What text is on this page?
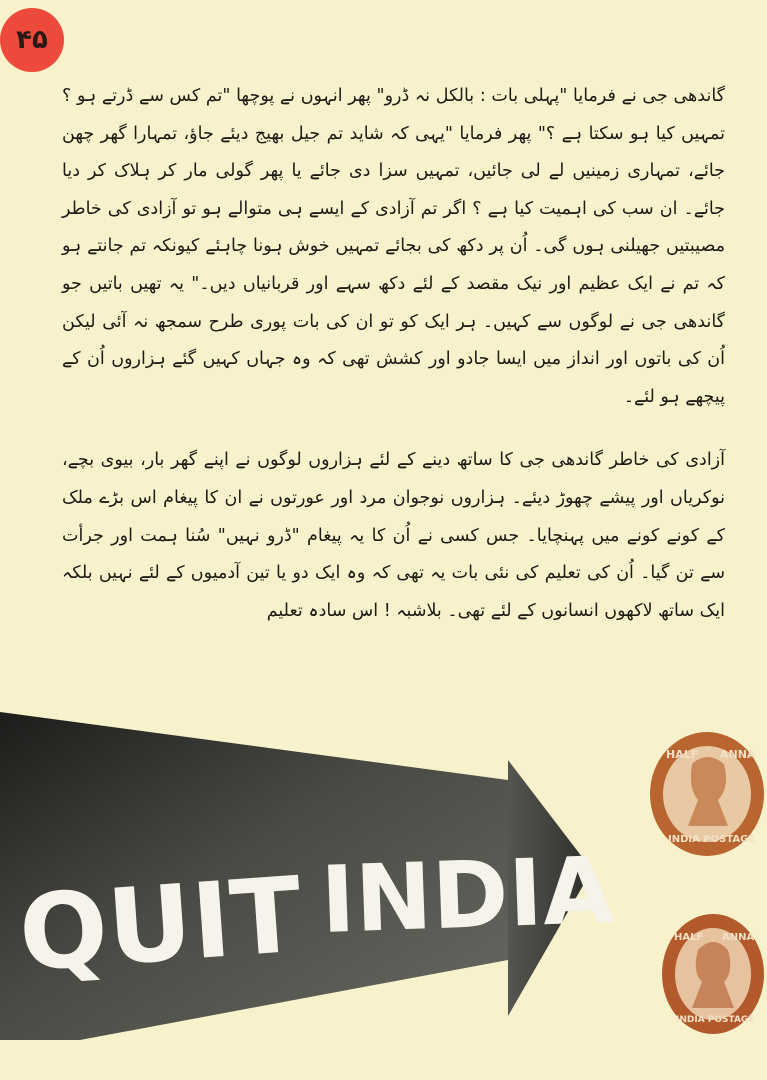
۴۵

گاندھی جی نے فرمایا "پہلی بات : بالکل نہ ڈرو" پھر انہوں نے پوچھا "تم کس سے ڈرتے ہو ؟ تمہیں کیا ہو سکتا ہے ؟" پھر فرمایا "یہی کہ شاید تم جیل بھیج دیئے جاؤ، تمہارا گھر چھن جائے، تمہاری زمینیں لے لی جائیں، تمہیں سزا دی جائے یا پھر گولی مار کر ہلاک کر دیا جائے۔ ان سب کی اہمیت کیا ہے ؟ اگر تم آزادی کے ایسے ہی متوالے ہو تو آزادی کی خاطر مصیبتیں جھیلنی ہوں گی۔ اُن پر دکھ کی بجائے تمہیں خوش ہونا چاہئے کیونکہ تم جانتے ہو کہ تم نے ایک عظیم اور نیک مقصد کے لئے دکھ سہے اور قربانیاں دیں۔" یہ تھیں باتیں جو گاندھی جی نے لوگوں سے کہیں۔ ہر ایک کو تو ان کی بات پوری طرح سمجھ نہ آئی لیکن اُن کی باتوں اور انداز میں ایسا جادو اور کشش تھی کہ وہ جہاں کہیں گئے ہزاروں اُن کے پیچھے ہو لئے۔

آزادی کی خاطر گاندھی جی کا ساتھ دینے کے لئے ہزاروں لوگوں نے اپنے گھر بار، بیوی بچے، نوکریاں اور پیشے چھوڑ دیئے۔ ہزاروں نوجوان مرد اور عورتوں نے ان کا پیغام اس بڑے ملک کے کونے کونے میں پہنچایا۔ جس کسی نے اُن کا یہ پیغام "ڈرو نہیں" سُنا ہمت اور جرأت سے تن گیا۔ اُن کی تعلیم کی نئی بات یہ تھی کہ وہ ایک دو یا تین آدمیوں کے لئے نہیں بلکہ ایک ساتھ لاکھوں انسانوں کے لئے تھی۔ بلاشبہ ! اس سادہ تعلیم

QUIT INDIA
HALF ANNA
INDIA POSTAGE
HALF ANNA
INDIA POSTAGE
